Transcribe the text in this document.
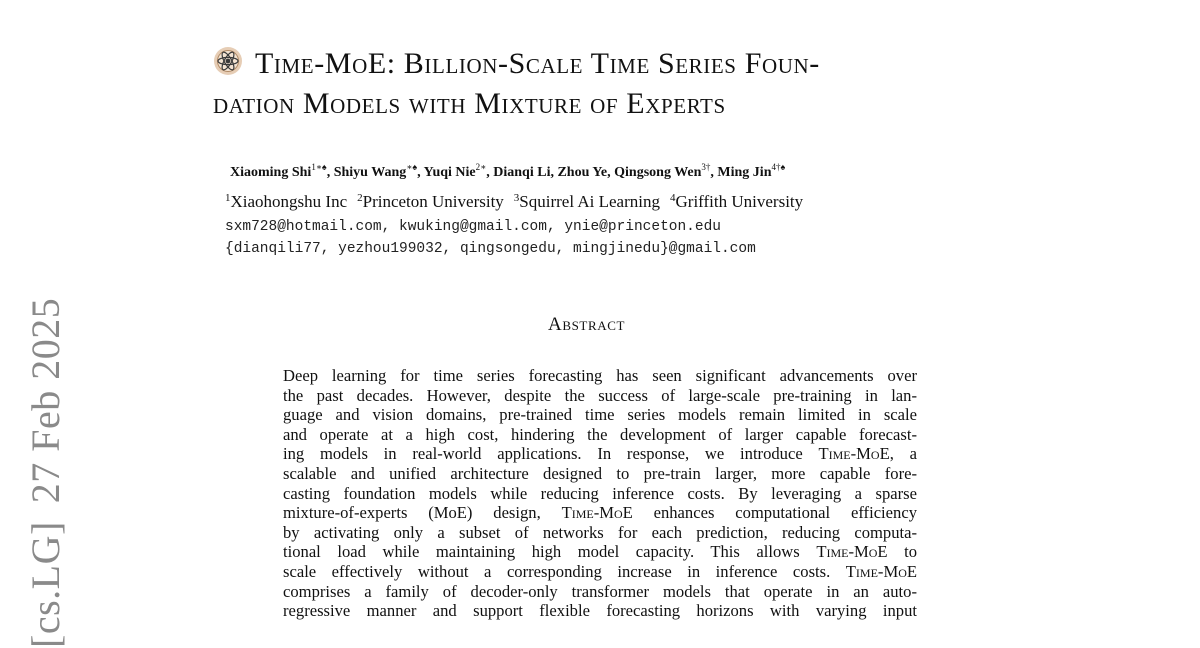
[cs.LG]27 Feb 2025
Time-MoE: Billion-Scale Time Series Foun-
dation Models with Mixture of Experts
Xiaoming Shi$^{1∗♠}$, Shiyu Wang∗♠, Yuqi Nie$^{2∗}$, Dianqi Li, Zhou Ye, Qingsong Wen$^{3\dagger}$, Ming Jin$^{4\dagger♠}$
$^1$Xiaohongshu Inc $^2$Princeton University $^3$Squirrel Ai Learning $^4$Griffith University
sxm728@hotmail.com, kwuking@gmail.com, ynie@princeton.edu
{dianqili77, yezhou199032, qingsongedu, mingjinedu}@gmail.com
Abstract
Deep learning for time series forecasting has seen significant advancements over
the past decades. However, despite the success of large-scale pre-training in lan-
guage and vision domains, pre-trained time series models remain limited in scale
and operate at a high cost, hindering the development of larger capable forecast-
ing models in real-world applications. In response, we introduce Time-MoE, a
scalable and unified architecture designed to pre-train larger, more capable fore-
casting foundation models while reducing inference costs. By leveraging a sparse
mixture-of-experts (MoE) design, Time-MoE enhances computational efficiency
by activating only a subset of networks for each prediction, reducing computa-
tional load while maintaining high model capacity. This allows Time-MoE to
scale effectively without a corresponding increase in inference costs. Time-MoE
comprises a family of decoder-only transformer models that operate in an auto-
regressive manner and support flexible forecasting horizons with varying input
